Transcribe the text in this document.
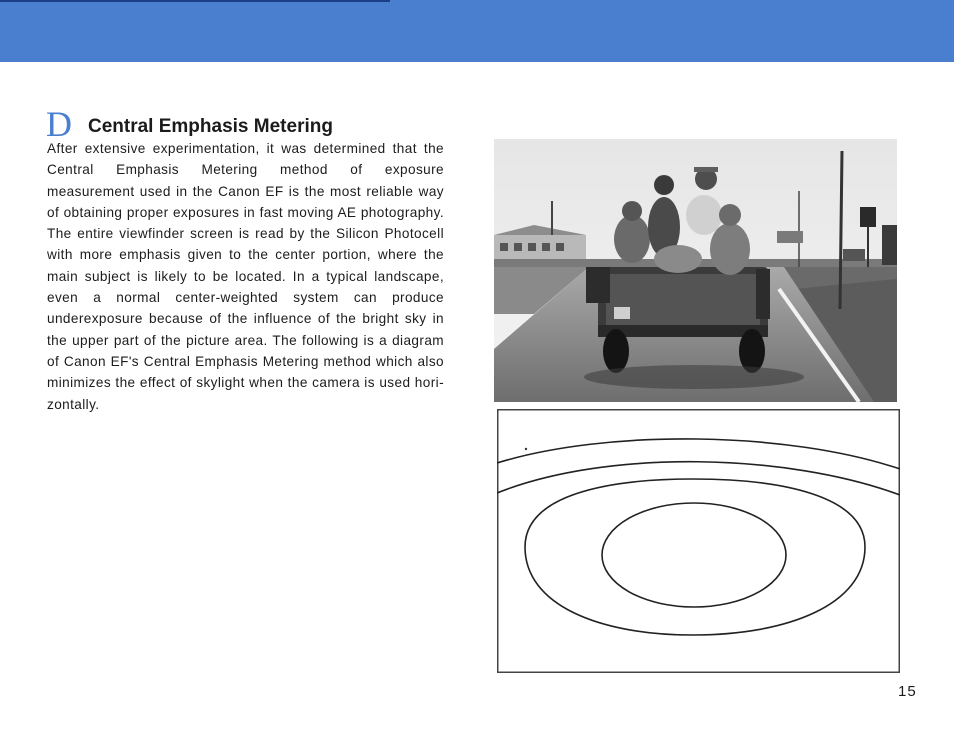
D Central Emphasis Metering

After extensive experimentation, it was determined that the Central Emphasis Metering method of exposure measurement used in the Canon EF is the most reliable way of obtaining proper exposures in fast moving AE photography. The entire viewfinder screen is read by the Silicon Photocell with more emphasis given to the center portion, where the main subject is likely to be located. In a typical landscape, even a normal center-weighted system can produce underexposure because of the influence of the bright sky in the upper part of the picture area. The following is a diagram of Canon EF's Central Emphasis Metering method which also minimizes the effect of skylight when the camera is used hori-zontally.

15
